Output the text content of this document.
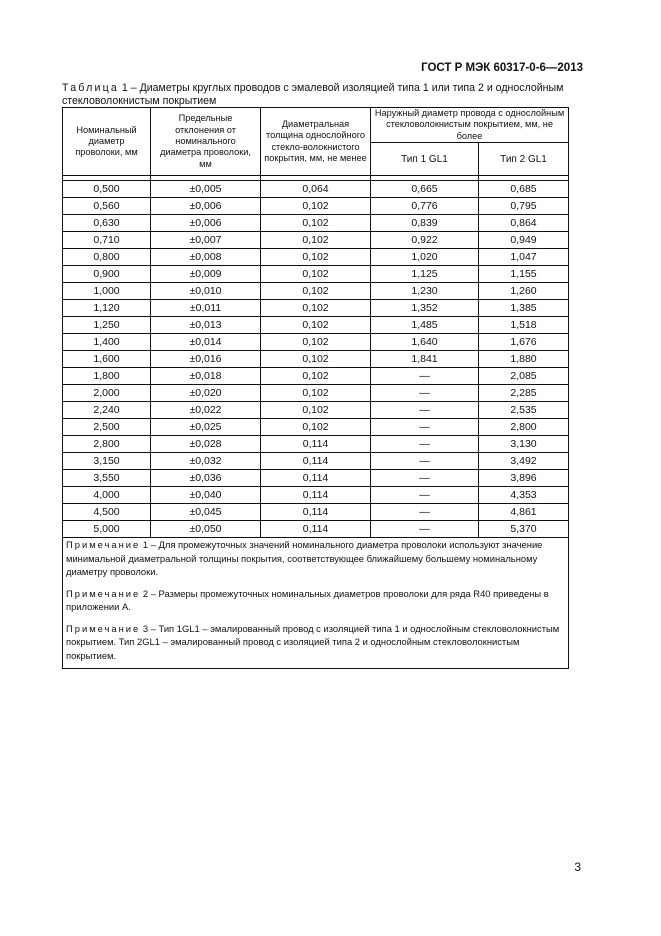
ГОСТ Р МЭК 60317-0-6—2013
Таблица 1 – Диаметры круглых проводов с эмалевой изоляцией типа 1 или типа 2 и однослойным стекловолокнистым покрытием
Номинальный диаметр проволоки, мм	Предельные отклонения от номинального диаметра проволоки, мм	Диаметральная толщина однослойного стекло-волокнистого покрытия, мм, не менее	Наружный диаметр провода с однослойным стекловолокнистым покрытием, мм, не более	
			Тип 1 GL1	Тип 2 GL1

0,500	±0,005	0,064	0,665	0,685
0,560	±0,006	0,102	0,776	0,795
0,630	±0,006	0,102	0,839	0,864
0,710	±0,007	0,102	0,922	0,949
0,800	±0,008	0,102	1,020	1,047
0,900	±0,009	0,102	1,125	1,155
1,000	±0,010	0,102	1,230	1,260
1,120	±0,011	0,102	1,352	1,385
1,250	±0,013	0,102	1,485	1,518
1,400	±0,014	0,102	1,640	1,676
1,600	±0,016	0,102	1,841	1,880
1,800	±0,018	0,102	—	2,085
2,000	±0,020	0,102	—	2,285
2,240	±0,022	0,102	—	2,535
2,500	±0,025	0,102	—	2,800
2,800	±0,028	0,114	—	3,130
3,150	±0,032	0,114	—	3,492
3,550	±0,036	0,114	—	3,896
4,000	±0,040	0,114	—	4,353
4,500	±0,045	0,114	—	4,861
5,000	±0,050	0,114	—	5,370

Примечание 1 – Для промежуточных значений номинального диаметра проволоки используют значение минимальной диаметральной толщины покрытия, соответствующее ближайшему большему номинальному диаметру проволоки.

Примечание 2 – Размеры промежуточных номинальных диаметров проволоки для ряда R40 приведены в приложении А.

Примечание 3 – Тип 1GL1 – эмалированный провод с изоляцией типа 1 и однослойным стекловолокнистым покрытием. Тип 2GL1 – эмалированный провод с изоляцией типа 2 и однослойным стекловолокнистым покрытием.				

3
